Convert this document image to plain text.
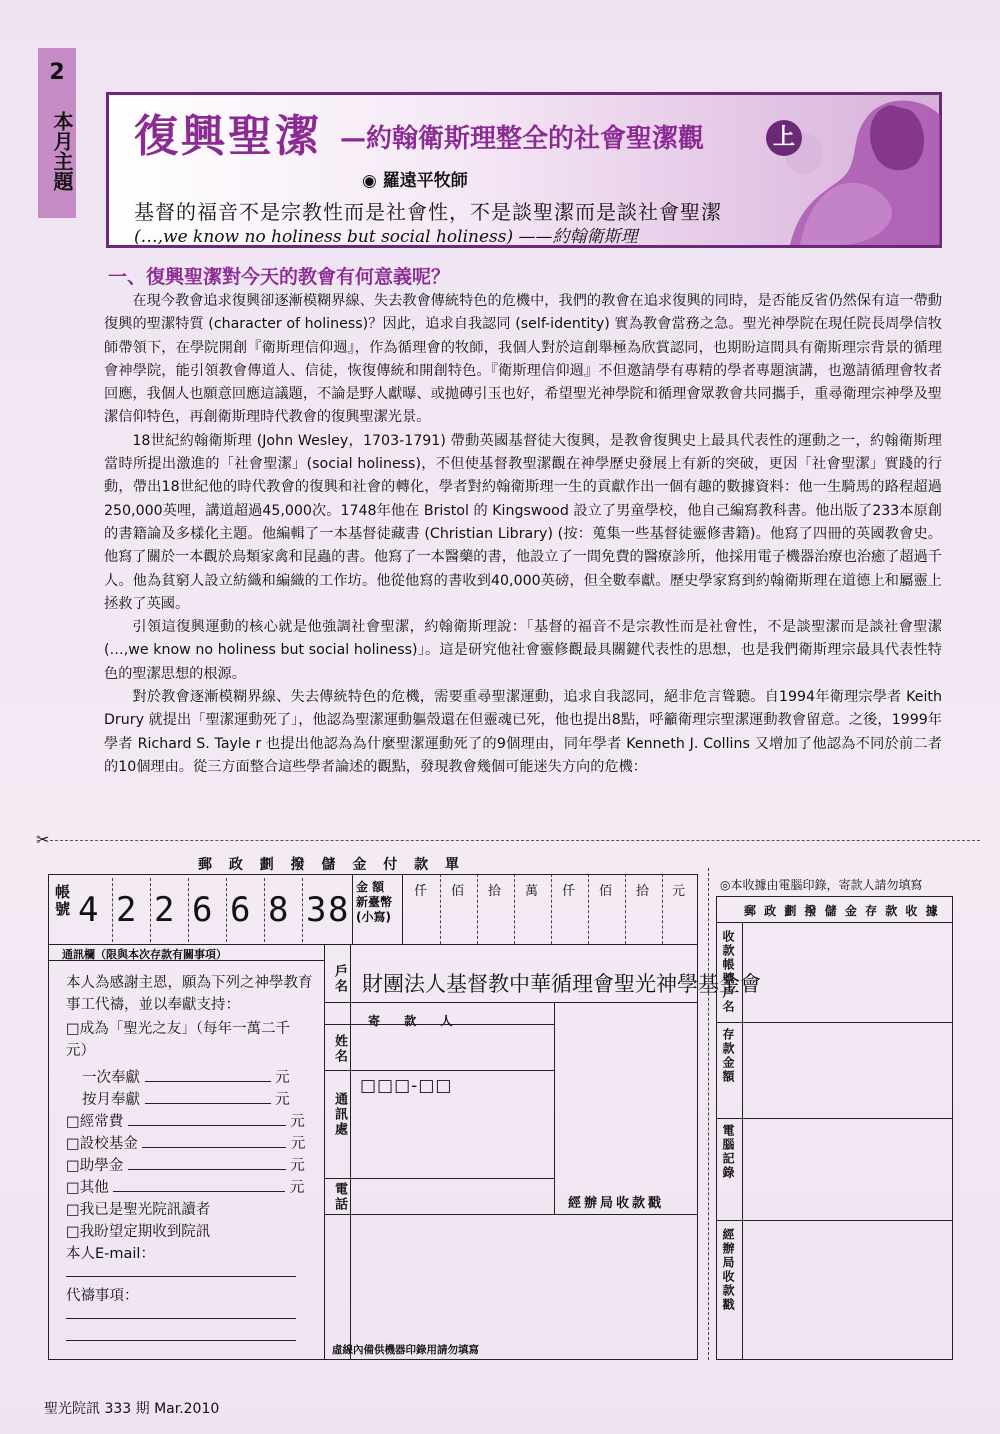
2
本月主題 復興聖潔 —約翰衛斯理整全的社會聖潔觀	上
◉ 羅遠平牧師
基督的福音不是宗教性而是社會性，不是談聖潔而是談社會聖潔
(…,we know no holiness but social holiness) ——約翰衛斯理
一、復興聖潔對今天的教會有何意義呢？

在現今教會追求復興卻逐漸模糊界線、失去教會傳統特色的危機中，我們的教會在追求復興的同時，是否能反省仍然保有這一帶動復興的聖潔特質 (character of holiness)？因此，追求自我認同 (self-identity) 實為教會當務之急。聖光神學院在現任院長周學信牧師帶領下，在學院開創『衛斯理信仰週』，作為循理會的牧師，我個人對於這創舉極為欣賞認同，也期盼這間具有衛斯理宗背景的循理會神學院，能引領教會傳道人、信徒，恢復傳統和開創特色。『衛斯理信仰週』不但邀請學有專精的學者專題演講，也邀請循理會牧者回應，我個人也願意回應這議題，不論是野人獻曝、或拋磚引玉也好，希望聖光神學院和循理會眾教會共同攜手，重尋衛理宗神學及聖潔信仰特色，再創衛斯理時代教會的復興聖潔光景。

18世紀約翰衛斯理 (John Wesley，1703-1791) 帶動英國基督徒大復興，是教會復興史上最具代表性的運動之一，約翰衛斯理當時所提出激進的「社會聖潔」(social holiness)，不但使基督教聖潔觀在神學歷史發展上有新的突破，更因「社會聖潔」實踐的行動，帶出18世紀他的時代教會的復興和社會的轉化，學者對約翰衛斯理一生的貢獻作出一個有趣的數據資料：他一生騎馬的路程超過250,000英哩，講道超過45,000次。1748年他在 Bristol 的 Kingswood 設立了男童學校，他自己編寫教科書。他出版了233本原創的書籍論及多樣化主題。他編輯了一本基督徒藏書 (Christian Library) (按：蒐集一些基督徒靈修書籍)。他寫了四冊的英國教會史。他寫了關於一本觀於鳥類家禽和昆蟲的書。他寫了一本醫藥的書，他設立了一間免費的醫療診所，他採用電子機器治療也治癒了超過千人。他為貧窮人設立紡織和編織的工作坊。他從他寫的書收到40,000英磅，但全數奉獻。歷史學家寫到約翰衛斯理在道德上和屬靈上拯救了英國。

引領這復興運動的核心就是他強調社會聖潔，約翰衛斯理說：「基督的福音不是宗教性而是社會性，不是談聖潔而是談社會聖潔 (…,we know no holiness but social holiness)」。這是研究他社會靈修觀最具關鍵代表性的思想，也是我們衛斯理宗最具代表性特色的聖潔思想的根源。

對於教會逐漸模糊界線、失去傳統特色的危機，需要重尋聖潔運動，追求自我認同，絕非危言聳聽。自1994年衛理宗學者 Keith Drury 就提出「聖潔運動死了」，他認為聖潔運動軀殼還在但靈魂已死，他也提出8點，呼籲衛理宗聖潔運動教會留意。之後，1999年學者 Richard S. Tayle r 也提出他認為為什麼聖潔運動死了的9個理由，同年學者 Kenneth J. Collins 又增加了他認為不同於前二者的10個理由。從三方面整合這些學者論述的觀點，發現教會幾個可能迷失方向的危機：

✂
郵 政 劃 撥 儲 金 付 款 單
帳號 4 2 2 6 6 8 3 8
金 額 新臺幣 (小寫)
仟 佰 拾 萬 仟 佰 拾 元
通訊欄（限與本次存款有關事項）
本人為感謝主恩，願為下列之神學教育事工代禱，並以奉獻支持：
□成為「聖光之友」（每年一萬二千元）
一次奉獻	元
按月奉獻	元
□經常費	元
□設校基金	元
□助學金	元
□其他	元
□我已是聖光院訊讀者
□我盼望定期收到院訊
本人E-mail：
代禱事項：
戶名 財團法人基督教中華循理會聖光神學基金會
寄 款 人
姓名
通訊處
□□□-□□
電話	經辦局收款戳
虛線內備供機器印錄用請勿填寫
◎本收據由電腦印錄，寄款人請勿填寫
郵 政 劃 撥 儲 金 存 款 收 據
收款帳號戶名
存款金額
電腦記錄
經辦局收款戳
聖光院訊 333 期 Mar.2010
